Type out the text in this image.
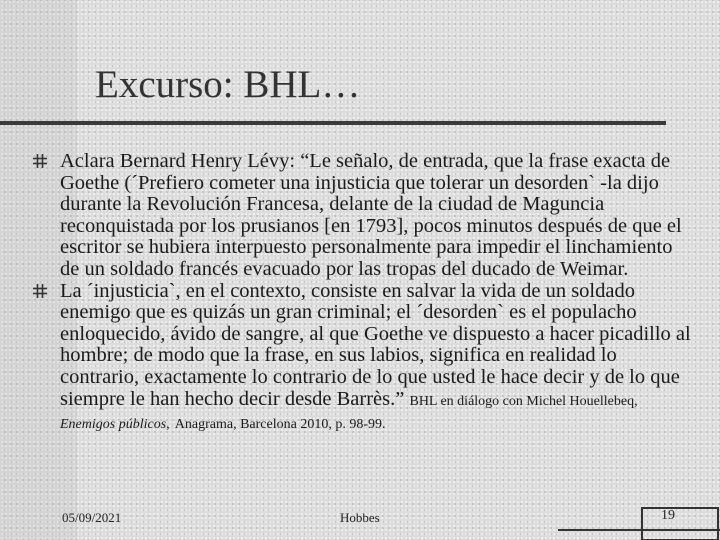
Excurso: BHL…
Aclara Bernard Henry Lévy: “Le señalo, de entrada, que la frase exacta de Goethe (´Prefiero cometer una injusticia que tolerar un desorden` -la dijo durante la Revolución Francesa, delante de la ciudad de Maguncia reconquistada por los prusianos [en 1793], pocos minutos después de que el escritor se hubiera interpuesto personalmente para impedir el linchamiento de un soldado francés evacuado por las tropas del ducado de Weimar.
La ´injusticia`, en el contexto, consiste en salvar la vida de un soldado enemigo que es quizás un gran criminal; el ´desorden` es el populacho enloquecido, ávido de sangre, al que Goethe ve dispuesto a hacer picadillo al hombre; de modo que la frase, en sus labios, significa en realidad lo contrario, exactamente lo contrario de lo que usted le hace decir y de lo que siempre le han hecho decir desde Barrès.” BHL en diálogo con Michel Houellebeq, Enemigos públicos, Anagrama, Barcelona 2010, p. 98-99.
05/09/2021	Hobbes	19
